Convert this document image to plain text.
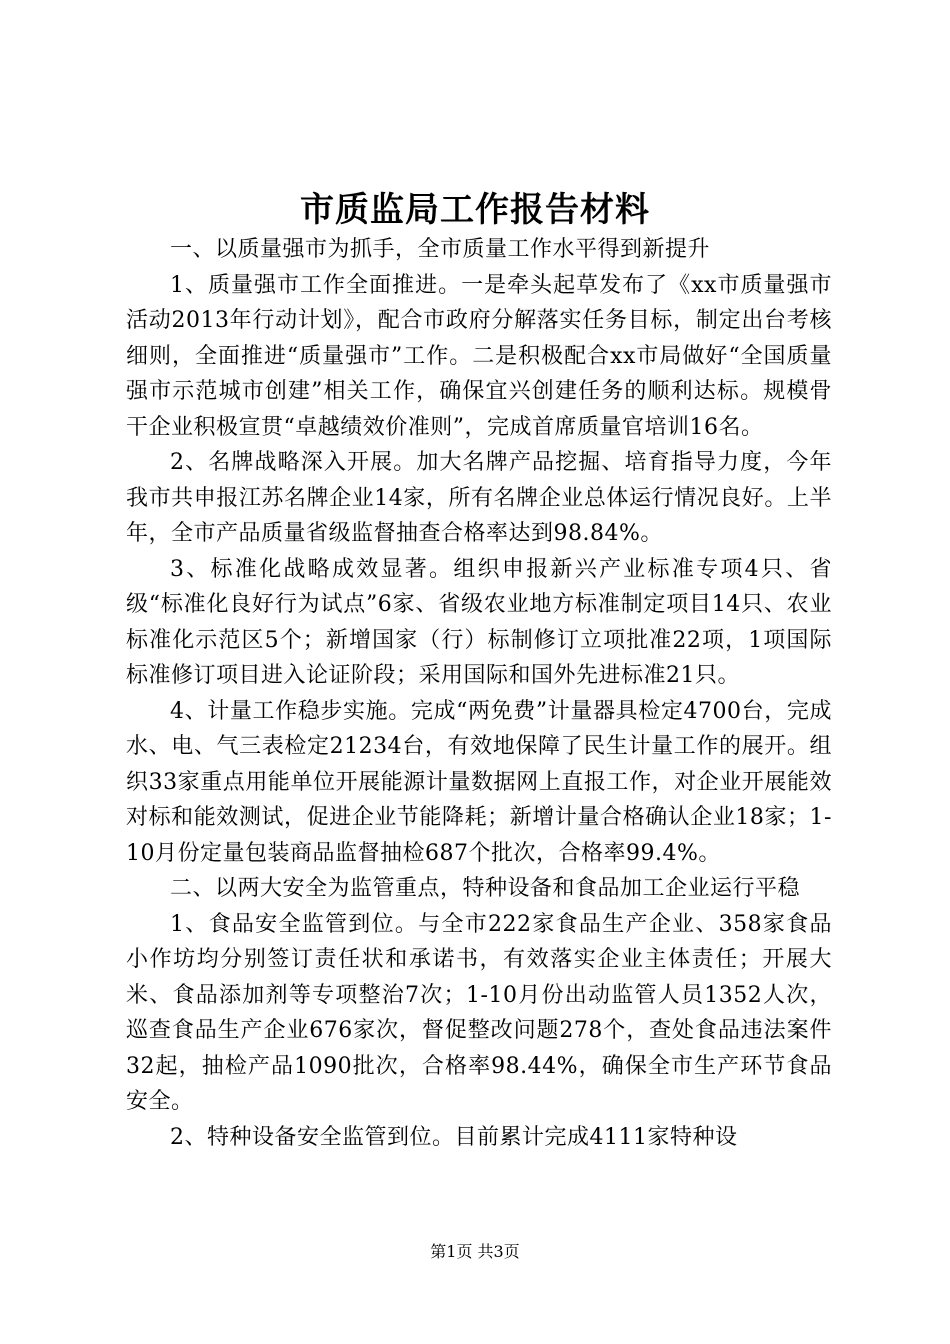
市质监局工作报告材料

一、以质量强市为抓手，全市质量工作水平得到新提升

1、质量强市工作全面推进。一是牵头起草发布了《xx市质量强市活动2013年行动计划》，配合市政府分解落实任务目标，制定出台考核细则，全面推进“质量强市”工作。二是积极配合xx市局做好“全国质量强市示范城市创建”相关工作，确保宜兴创建任务的顺利达标。规模骨干企业积极宣贯“卓越绩效价准则”，完成首席质量官培训16名。

2、名牌战略深入开展。加大名牌产品挖掘、培育指导力度，今年我市共申报江苏名牌企业14家，所有名牌企业总体运行情况良好。上半年，全市产品质量省级监督抽查合格率达到98.84%。

3、标准化战略成效显著。组织申报新兴产业标准专项4只、省级“标准化良好行为试点”6家、省级农业地方标准制定项目14只、农业标准化示范区5个；新增国家（行）标制修订立项批准22项，1项国际标准修订项目进入论证阶段；采用国际和国外先进标准21只。

4、计量工作稳步实施。完成“两免费”计量器具检定4700台，完成水、电、气三表检定21234台，有效地保障了民生计量工作的展开。组织33家重点用能单位开展能源计量数据网上直报工作，对企业开展能效对标和能效测试，促进企业节能降耗；新增计量合格确认企业18家；1-10月份定量包装商品监督抽检687个批次，合格率99.4%。

二、以两大安全为监管重点，特种设备和食品加工企业运行平稳

1、食品安全监管到位。与全市222家食品生产企业、358家食品小作坊均分别签订责任状和承诺书，有效落实企业主体责任；开展大米、食品添加剂等专项整治7次；1-10月份出动监管人员1352人次，巡查食品生产企业676家次，督促整改问题278个，查处食品违法案件32起，抽检产品1090批次，合格率98.44%，确保全市生产环节食品安全。

2、特种设备安全监管到位。目前累计完成4111家特种设

第1页 共3页
